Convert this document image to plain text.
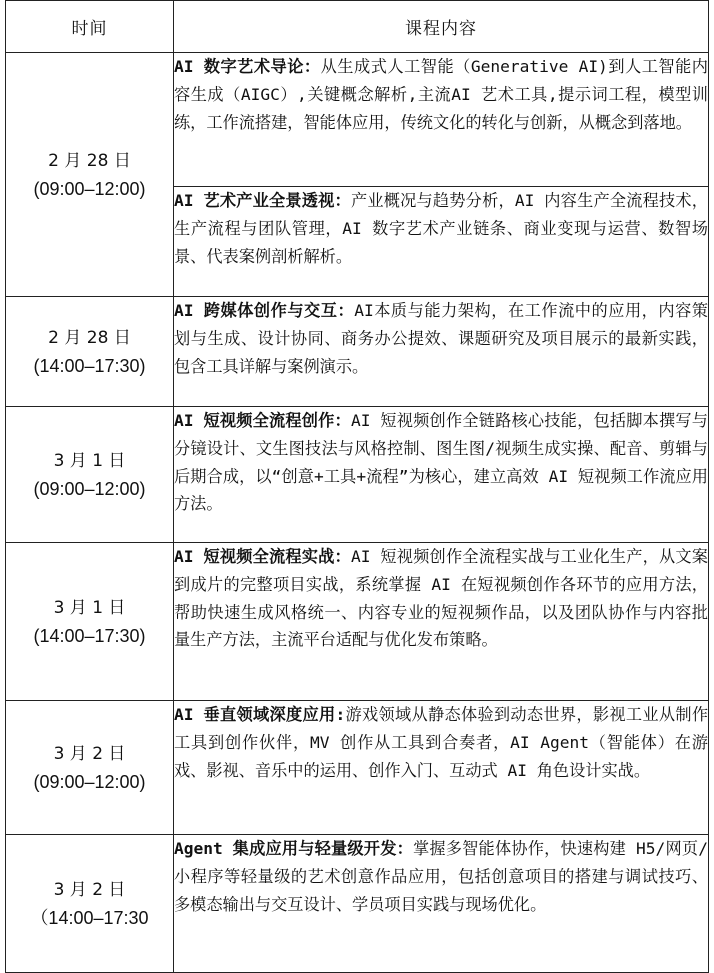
时间	课程内容

2 月 28 日
(09:00–12:00)	AI 数字艺术导论：从生成式人工智能（Generative AI)到人工智能内容生成（AIGC）,关键概念解析,主流AI 艺术工具,提示词工程，模型训练，工作流搭建，智能体应用，传统文化的转化与创新，从概念到落地。
	AI 艺术产业全景透视：产业概况与趋势分析，AI 内容生产全流程技术，生产流程与团队管理，AI 数字艺术产业链条、商业变现与运营、数智场景、代表案例剖析解析。

2 月 28 日
(14:00–17:30)	AI 跨媒体创作与交互：AI本质与能力架构，在工作流中的应用，内容策划与生成、设计协同、商务办公提效、课题研究及项目展示的最新实践，包含工具详解与案例演示。

3 月 1 日
(09:00–12:00)	AI 短视频全流程创作：AI 短视频创作全链路核心技能，包括脚本撰写与分镜设计、文生图技法与风格控制、图生图/视频生成实操、配音、剪辑与后期合成，以“创意+工具+流程”为核心，建立高效 AI 短视频工作流应用方法。

3 月 1 日
(14:00–17:30)	AI 短视频全流程实战：AI 短视频创作全流程实战与工业化生产，从文案到成片的完整项目实战，系统掌握 AI 在短视频创作各环节的应用方法，帮助快速生成风格统一、内容专业的短视频作品，以及团队协作与内容批量生产方法，主流平台适配与优化发布策略。

3 月 2 日
(09:00–12:00)	AI 垂直领域深度应用:游戏领域从静态体验到动态世界，影视工业从制作工具到创作伙伴，MV 创作从工具到合奏者，AI Agent（智能体）在游戏、影视、音乐中的运用、创作入门、互动式 AI 角色设计实战。

3 月 2 日
（14:00–17:30	Agent 集成应用与轻量级开发：掌握多智能体协作，快速构建 H5/网页/小程序等轻量级的艺术创意作品应用，包括创意项目的搭建与调试技巧、多模态输出与交互设计、学员项目实践与现场优化。
